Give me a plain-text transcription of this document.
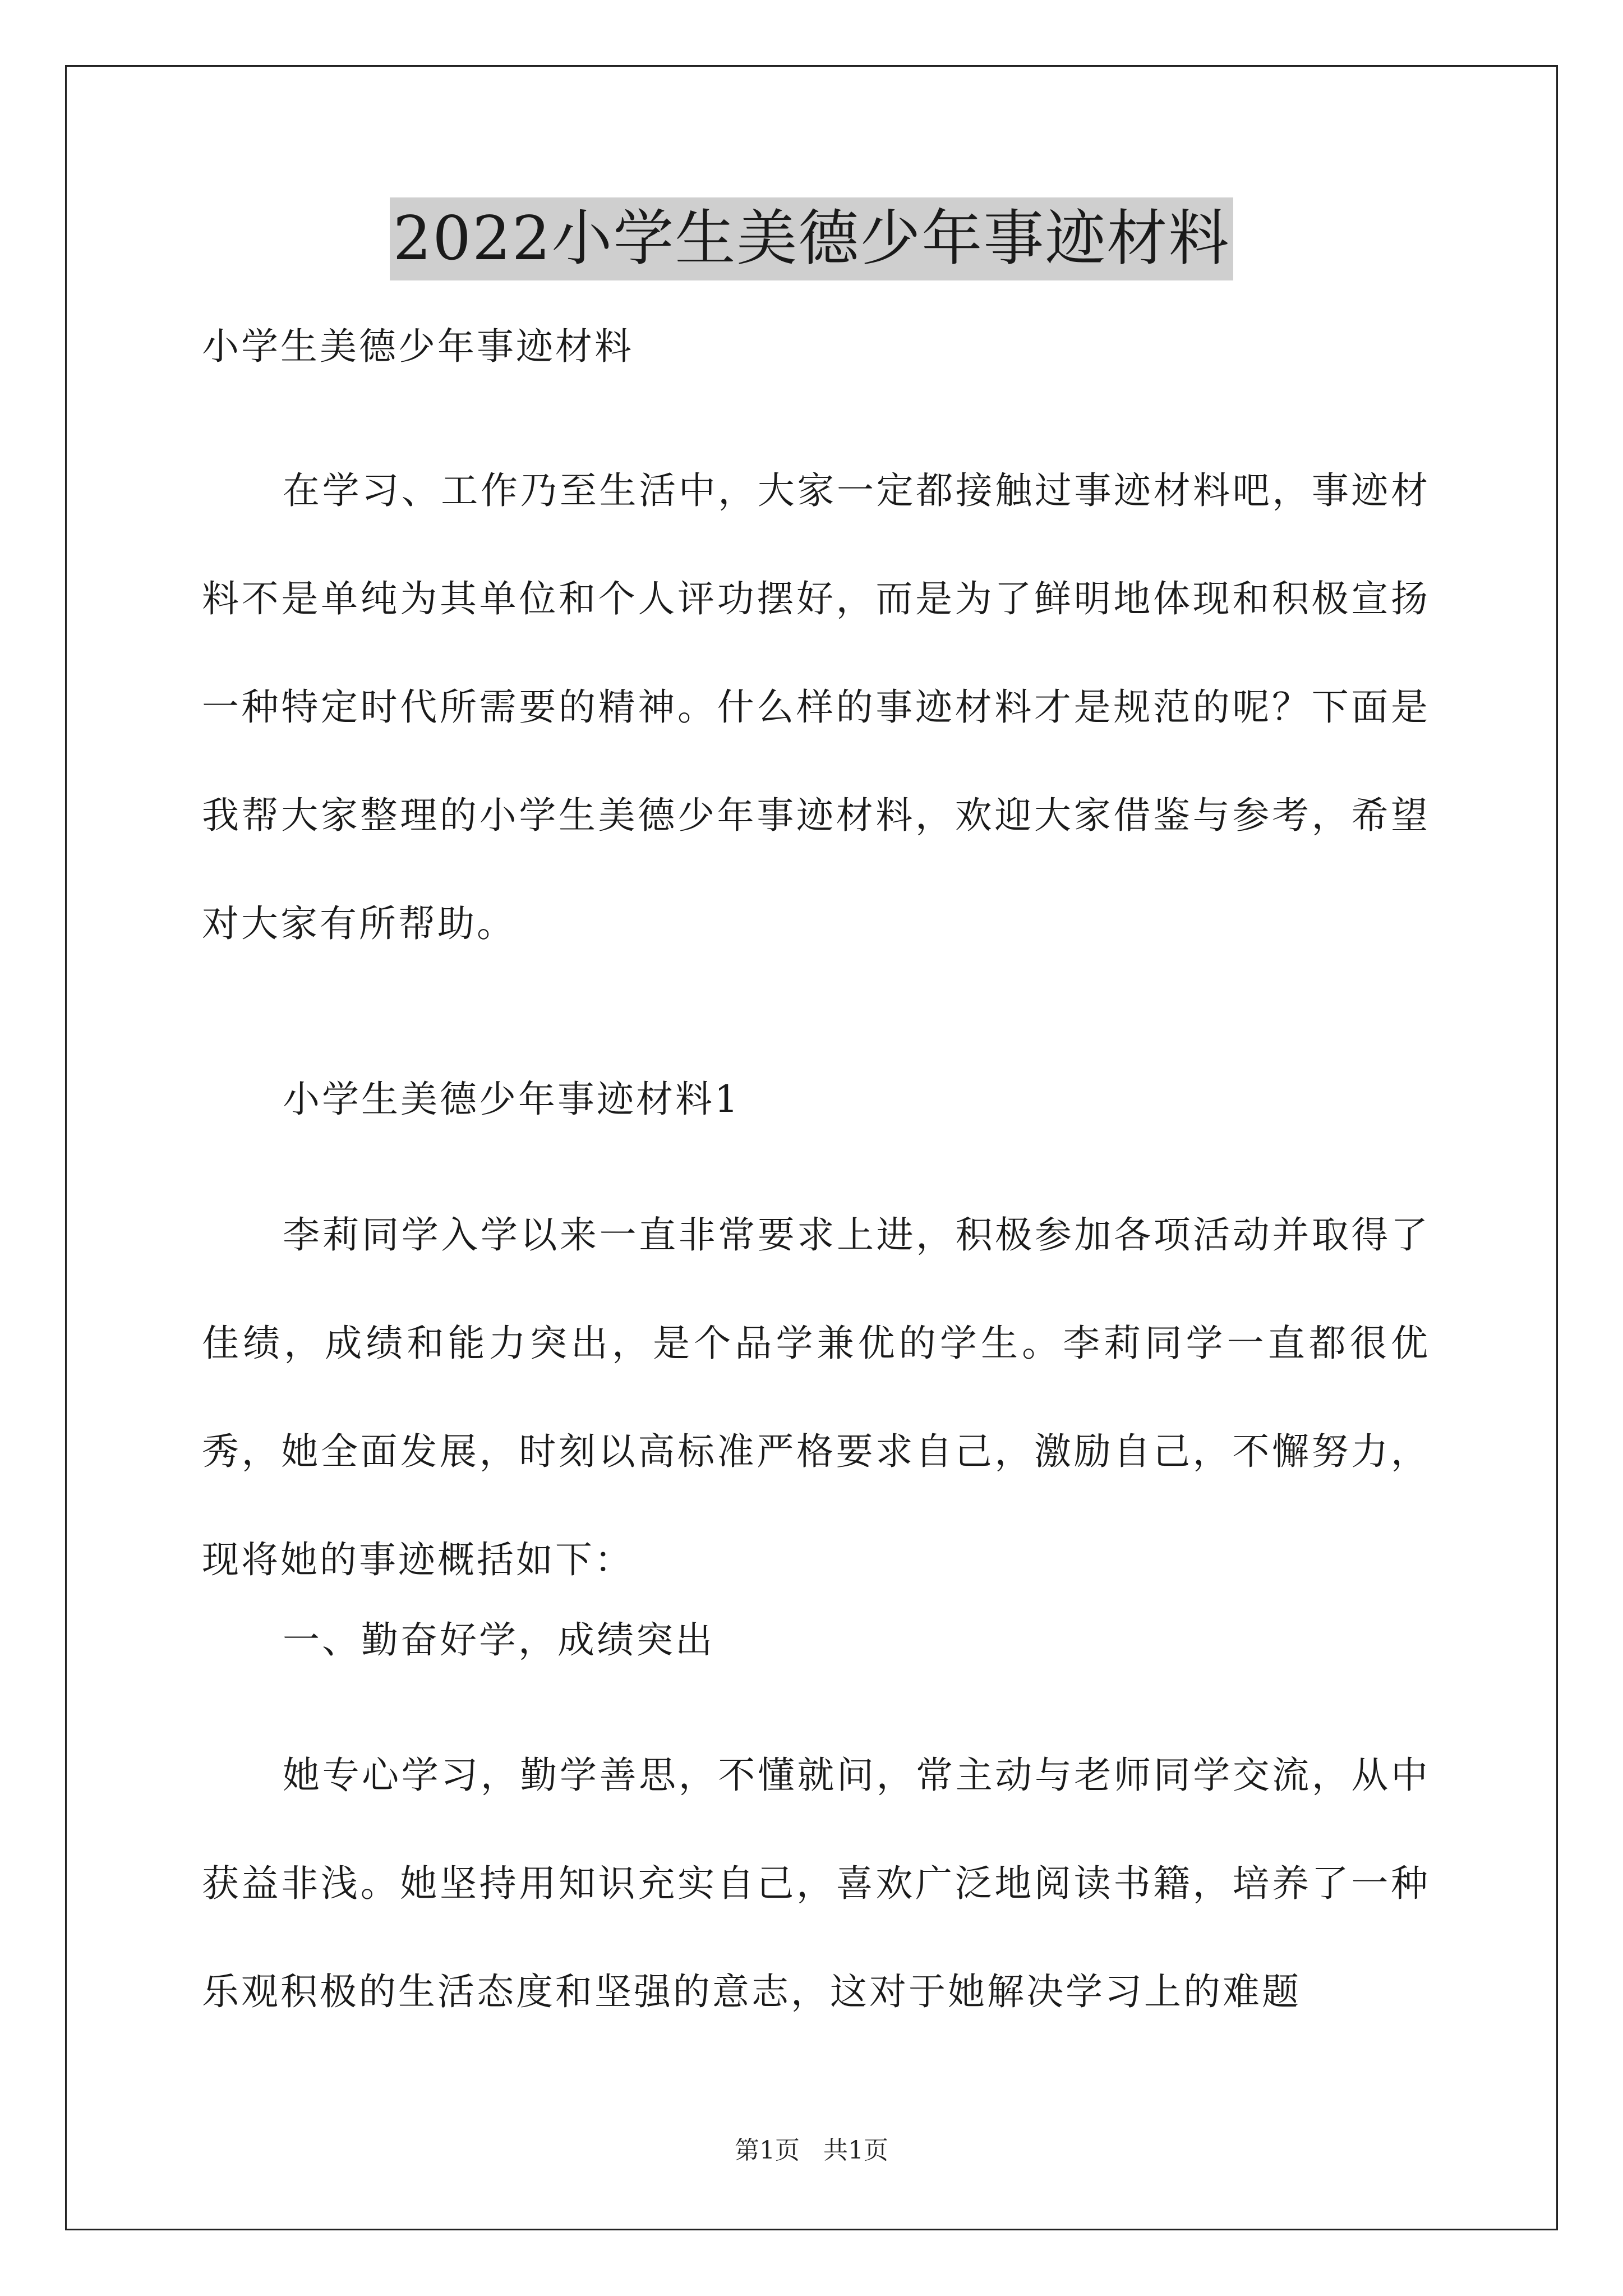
2022小学生美德少年事迹材料
小学生美德少年事迹材料
在学习、工作乃至生活中，大家一定都接触过事迹材料吧，事迹材料不是单纯为其单位和个人评功摆好，而是为了鲜明地体现和积极宣扬一种特定时代所需要的精神。什么样的事迹材料才是规范的呢？下面是我帮大家整理的小学生美德少年事迹材料，欢迎大家借鉴与参考，希望对大家有所帮助。
小学生美德少年事迹材料1
李莉同学入学以来一直非常要求上进，积极参加各项活动并取得了佳绩，成绩和能力突出，是个品学兼优的学生。李莉同学一直都很优秀，她全面发展，时刻以高标准严格要求自己，激励自己，不懈努力，现将她的事迹概括如下：
一、勤奋好学，成绩突出
她专心学习，勤学善思，不懂就问，常主动与老师同学交流，从中获益非浅。她坚持用知识充实自己，喜欢广泛地阅读书籍，培养了一种乐观积极的生活态度和坚强的意志，这对于她解决学习上的难题
第1页 共1页
